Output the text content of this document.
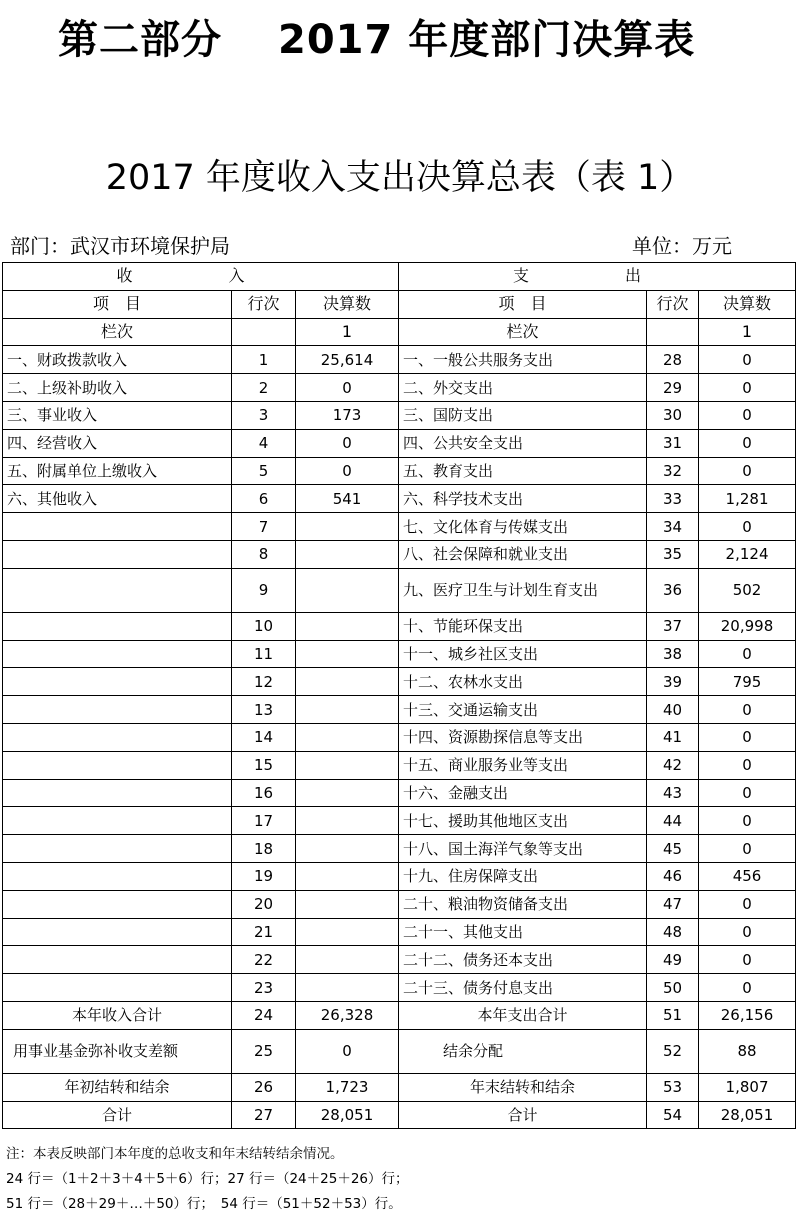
第二部分 2017 年度部门决算表
2017 年度收入支出决算总表（表 1）
部门：武汉市环境保护局	单位：万元
收　入			支　出		
项　目	行次	决算数	项　目	行次	决算数
栏次		1	栏次		1
一、财政拨款收入	1	25,614	一、一般公共服务支出	28	0
二、上级补助收入	2	0	二、外交支出	29	0
三、事业收入	3	173	三、国防支出	30	0
四、经营收入	4	0	四、公共安全支出	31	0
五、附属单位上缴收入	5	0	五、教育支出	32	0
六、其他收入	6	541	六、科学技术支出	33	1,281
	7		七、文化体育与传媒支出	34	0
	8		八、社会保障和就业支出	35	2,124
	9		九、医疗卫生与计划生育支出	36	502
	10		十、节能环保支出	37	20,998
	11		十一、城乡社区支出	38	0
	12		十二、农林水支出	39	795
	13		十三、交通运输支出	40	0
	14		十四、资源勘探信息等支出	41	0
	15		十五、商业服务业等支出	42	0
	16		十六、金融支出	43	0
	17		十七、援助其他地区支出	44	0
	18		十八、国土海洋气象等支出	45	0
	19		十九、住房保障支出	46	456
	20		二十、粮油物资储备支出	47	0
	21		二十一、其他支出	48	0
	22		二十二、债务还本支出	49	0
	23		二十三、债务付息支出	50	0
本年收入合计	24	26,328	本年支出合计	51	26,156
用事业基金弥补收支差额	25	0	结余分配	52	88
年初结转和结余	26	1,723	年末结转和结余	53	1,807
合计	27	28,051	合计	54	28,051
注：本表反映部门本年度的总收支和年末结转结余情况。
24 行＝（1＋2＋3＋4＋5＋6）行；27 行＝（24＋25＋26）行；
51 行＝（28＋29＋…＋50）行；　54 行＝（51＋52＋53）行。
